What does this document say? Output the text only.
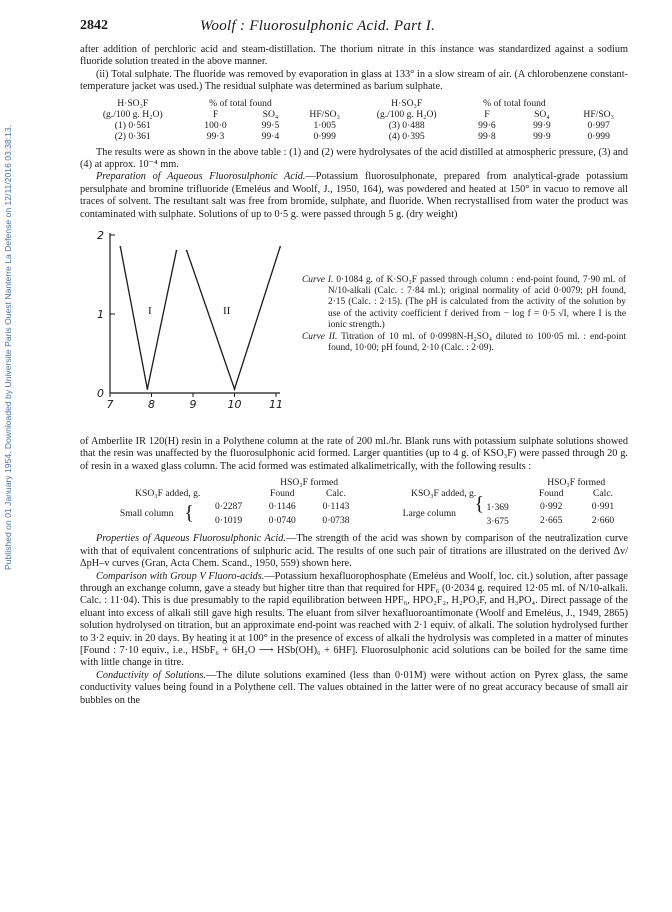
Published on 01 January 1954. Downloaded by Universite Paris Ouest Nanterre La Defense on 12/11/2016 03:38:13.
2842	Woolf : Fluorosulphonic Acid. Part I.

after addition of perchloric acid and steam-distillation. The thorium nitrate in this instance was standardized against a sodium fluoride solution treated in the above manner.

(ii) Total sulphate. The fluoride was removed by evaporation in glass at 133° in a slow stream of air. (A chlorobenzene constant-temperature jacket was used.) The residual sulphate was determined as barium sulphate.

H·SO₃F	% of total found			H·SO₃F	% of total found		
(g./100 g. H₂O)	F	SO₄	HF/SO₃	(g./100 g. H₂O)	F	SO₄	HF/SO₃
(1) 0·561	100·0	99·5	1·005	(3) 0·488	99·6	99·9	0·997
(2) 0·361	99·3	99·4	0·999	(4) 0·395	99·8	99·9	0·999

The results were as shown in the above table : (1) and (2) were hydrolysates of the acid distilled at atmospheric pressure, (3) and (4) at approx. 10⁻⁴ mm.

Preparation of Aqueous Fluorosulphonic Acid.—Potassium fluorosulphonate, prepared from analytical-grade potassium persulphate and bromine trifluoride (Emeléus and Woolf, J., 1950, 164), was powdered and heated at 150° in vacuo to remove all traces of solvent. The resultant salt was free from bromide, sulphate, and fluoride. When recrystallised from water the product was contaminated with sulphate. Solutions of up to 0·5 g. were passed through 5 g. (dry weight)

7	8	9	10	11
0
1
2
I	II
Curve I. 0·1084 g. of K·SO₃F passed through column : end-point found, 7·90 ml. of N/10-alkali (Calc. : 7·84 ml.); original normality of acid 0·0079; pH found, 2·15 (Calc. : 2·15). (The pH is calculated from the activity of the solution by use of the activity coefficient f derived from − log f = 0·5 √I, where I is the ionic strength.)
Curve II. Titration of 10 ml. of 0·0998N-H₂SO₄ diluted to 100·05 ml. : end-point found, 10·00; pH found, 2·10 (Calc. : 2·09).

of Amberlite IR 120(H) resin in a Polythene column at the rate of 200 ml./hr. Blank runs with potassium sulphate solutions showed that the resin was unaffected by the fluorosulphonic acid formed. Larger quantities (up to 4 g. of KSO₃F) were passed through 20 g. of resin in a waxed glass column. The acid formed was estimated alkalimetrically, with the following results :

			HSO₃F formed				HSO₃F formed	
KSO₃F added, g.			Found	Calc.	KSO₃F added, g.		Found	Calc.
Small column	{	0·2287	0·1146	0·1143	Large column	{ 1·369	0·992	0·991
		0·1019	0·0740	0·0738		3·675	2·665	2·660

Properties of Aqueous Fluorosulphonic Acid.—The strength of the acid was shown by comparison of the neutralization curve with that of equivalent concentrations of sulphuric acid. The results of one such pair of titrations are illustrated on the derived Δv/ΔpH–v curves (Gran, Acta Chem. Scand., 1950, 559) shown here.

Comparison with Group V Fluoro-acids.—Potassium hexafluorophosphate (Emeléus and Woolf, loc. cit.) solution, after passage through an exchange column, gave a steady but higher titre than that required for HPF₆ (0·2034 g. required 12·05 ml. of N/10-alkali. Calc. : 11·04). This is due presumably to the rapid equilibration between HPF₆, HPO₂F₂, H₂PO₃F, and H₃PO₄. Direct passage of the eluant into excess of alkali still gave high results. The eluant from silver hexafluoroantimonate (Woolf and Emeléus, J., 1949, 2865) solution hydrolysed on titration, but an approximate end-point was reached with 2·1 equiv. of alkali. The solution hydrolysed further to 3·2 equiv. in 20 days. By heating it at 100° in the presence of excess of alkali the hydrolysis was completed in a matter of minutes [Found : 7·10 equiv., i.e., HSbF₆ + 6H₂O ⟶ HSb(OH)₆ + 6HF]. Fluorosulphonic acid solutions can be boiled for the same time with little change in titre.

Conductivity of Solutions.—The dilute solutions examined (less than 0·01M) were without action on Pyrex glass, the same conductivity values being found in a Polythene cell. The values obtained in the latter were of no great accuracy because of small air bubbles on the
